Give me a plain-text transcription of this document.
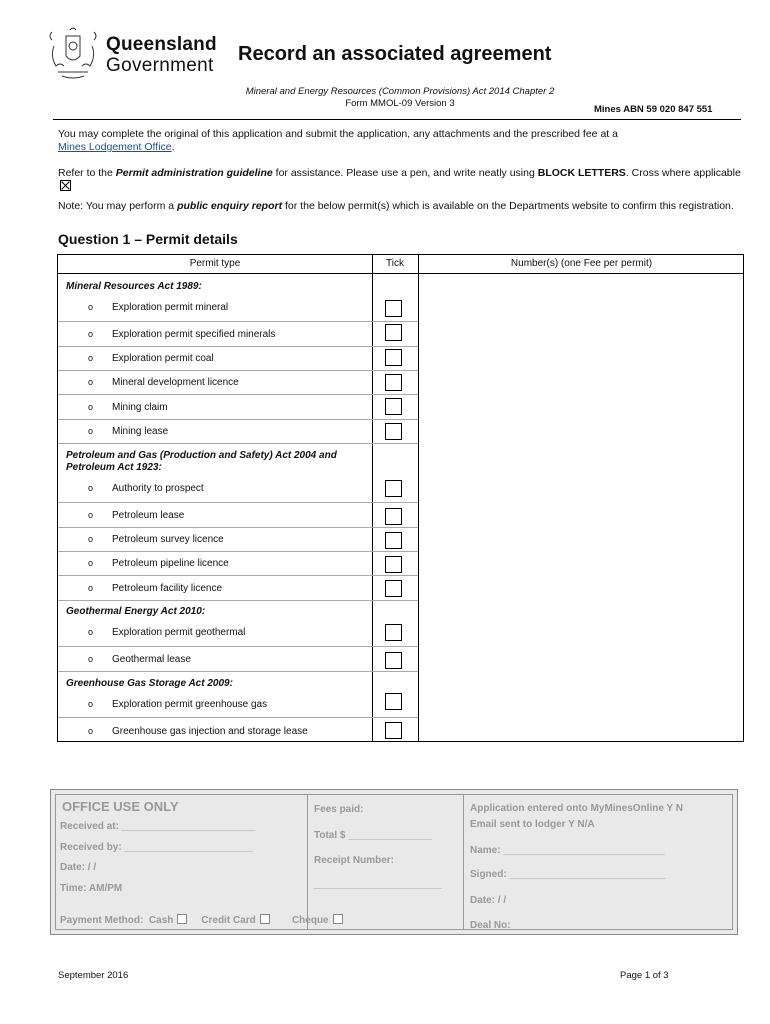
Queensland
Government
Record an associated agreement
Mineral and Energy Resources (Common Provisions) Act 2014 Chapter 2
Form MMOL-09 Version 3
Mines ABN 59 020 847 551
You may complete the original of this application and submit the application, any attachments and the prescribed fee at a
Mines Lodgement Office.
Refer to the Permit administration guideline for assistance. Please use a pen, and write neatly using BLOCK LETTERS. Cross where applicable
Note: You may perform a public enquiry report for the below permit(s) which is available on the Departments website to confirm this registration.
Question 1 – Permit details
Permit type	Tick	Number(s) (one Fee per permit)
Mineral Resources Act 1989:
o Exploration permit mineral
o Exploration permit specified minerals
o Exploration permit coal
o Mineral development licence
o Mining claim
o Mining lease
Petroleum and Gas (Production and Safety) Act 2004 and Petroleum Act 1923:
o Authority to prospect
o Petroleum lease
o Petroleum survey licence
o Petroleum pipeline licence
o Petroleum facility licence
Geothermal Energy Act 2010:
o Exploration permit geothermal
o Geothermal lease
Greenhouse Gas Storage Act 2009:
o Exploration permit greenhouse gas
o Greenhouse gas injection and storage lease
OFFICE USE ONLY
Received at: ________________________
Received by: _______________________
Date: / /
Time: AM/PM
Payment Method: Cash	Credit Card	Cheque
Fees paid:
Total $ _______________
Receipt Number:
_______________________
Application entered onto MyMinesOnline Y N
Email sent to lodger Y N/A
Name: _____________________________
Signed: ____________________________
Date: / /
Deal No:________________________
September 2016	Page 1 of 3
